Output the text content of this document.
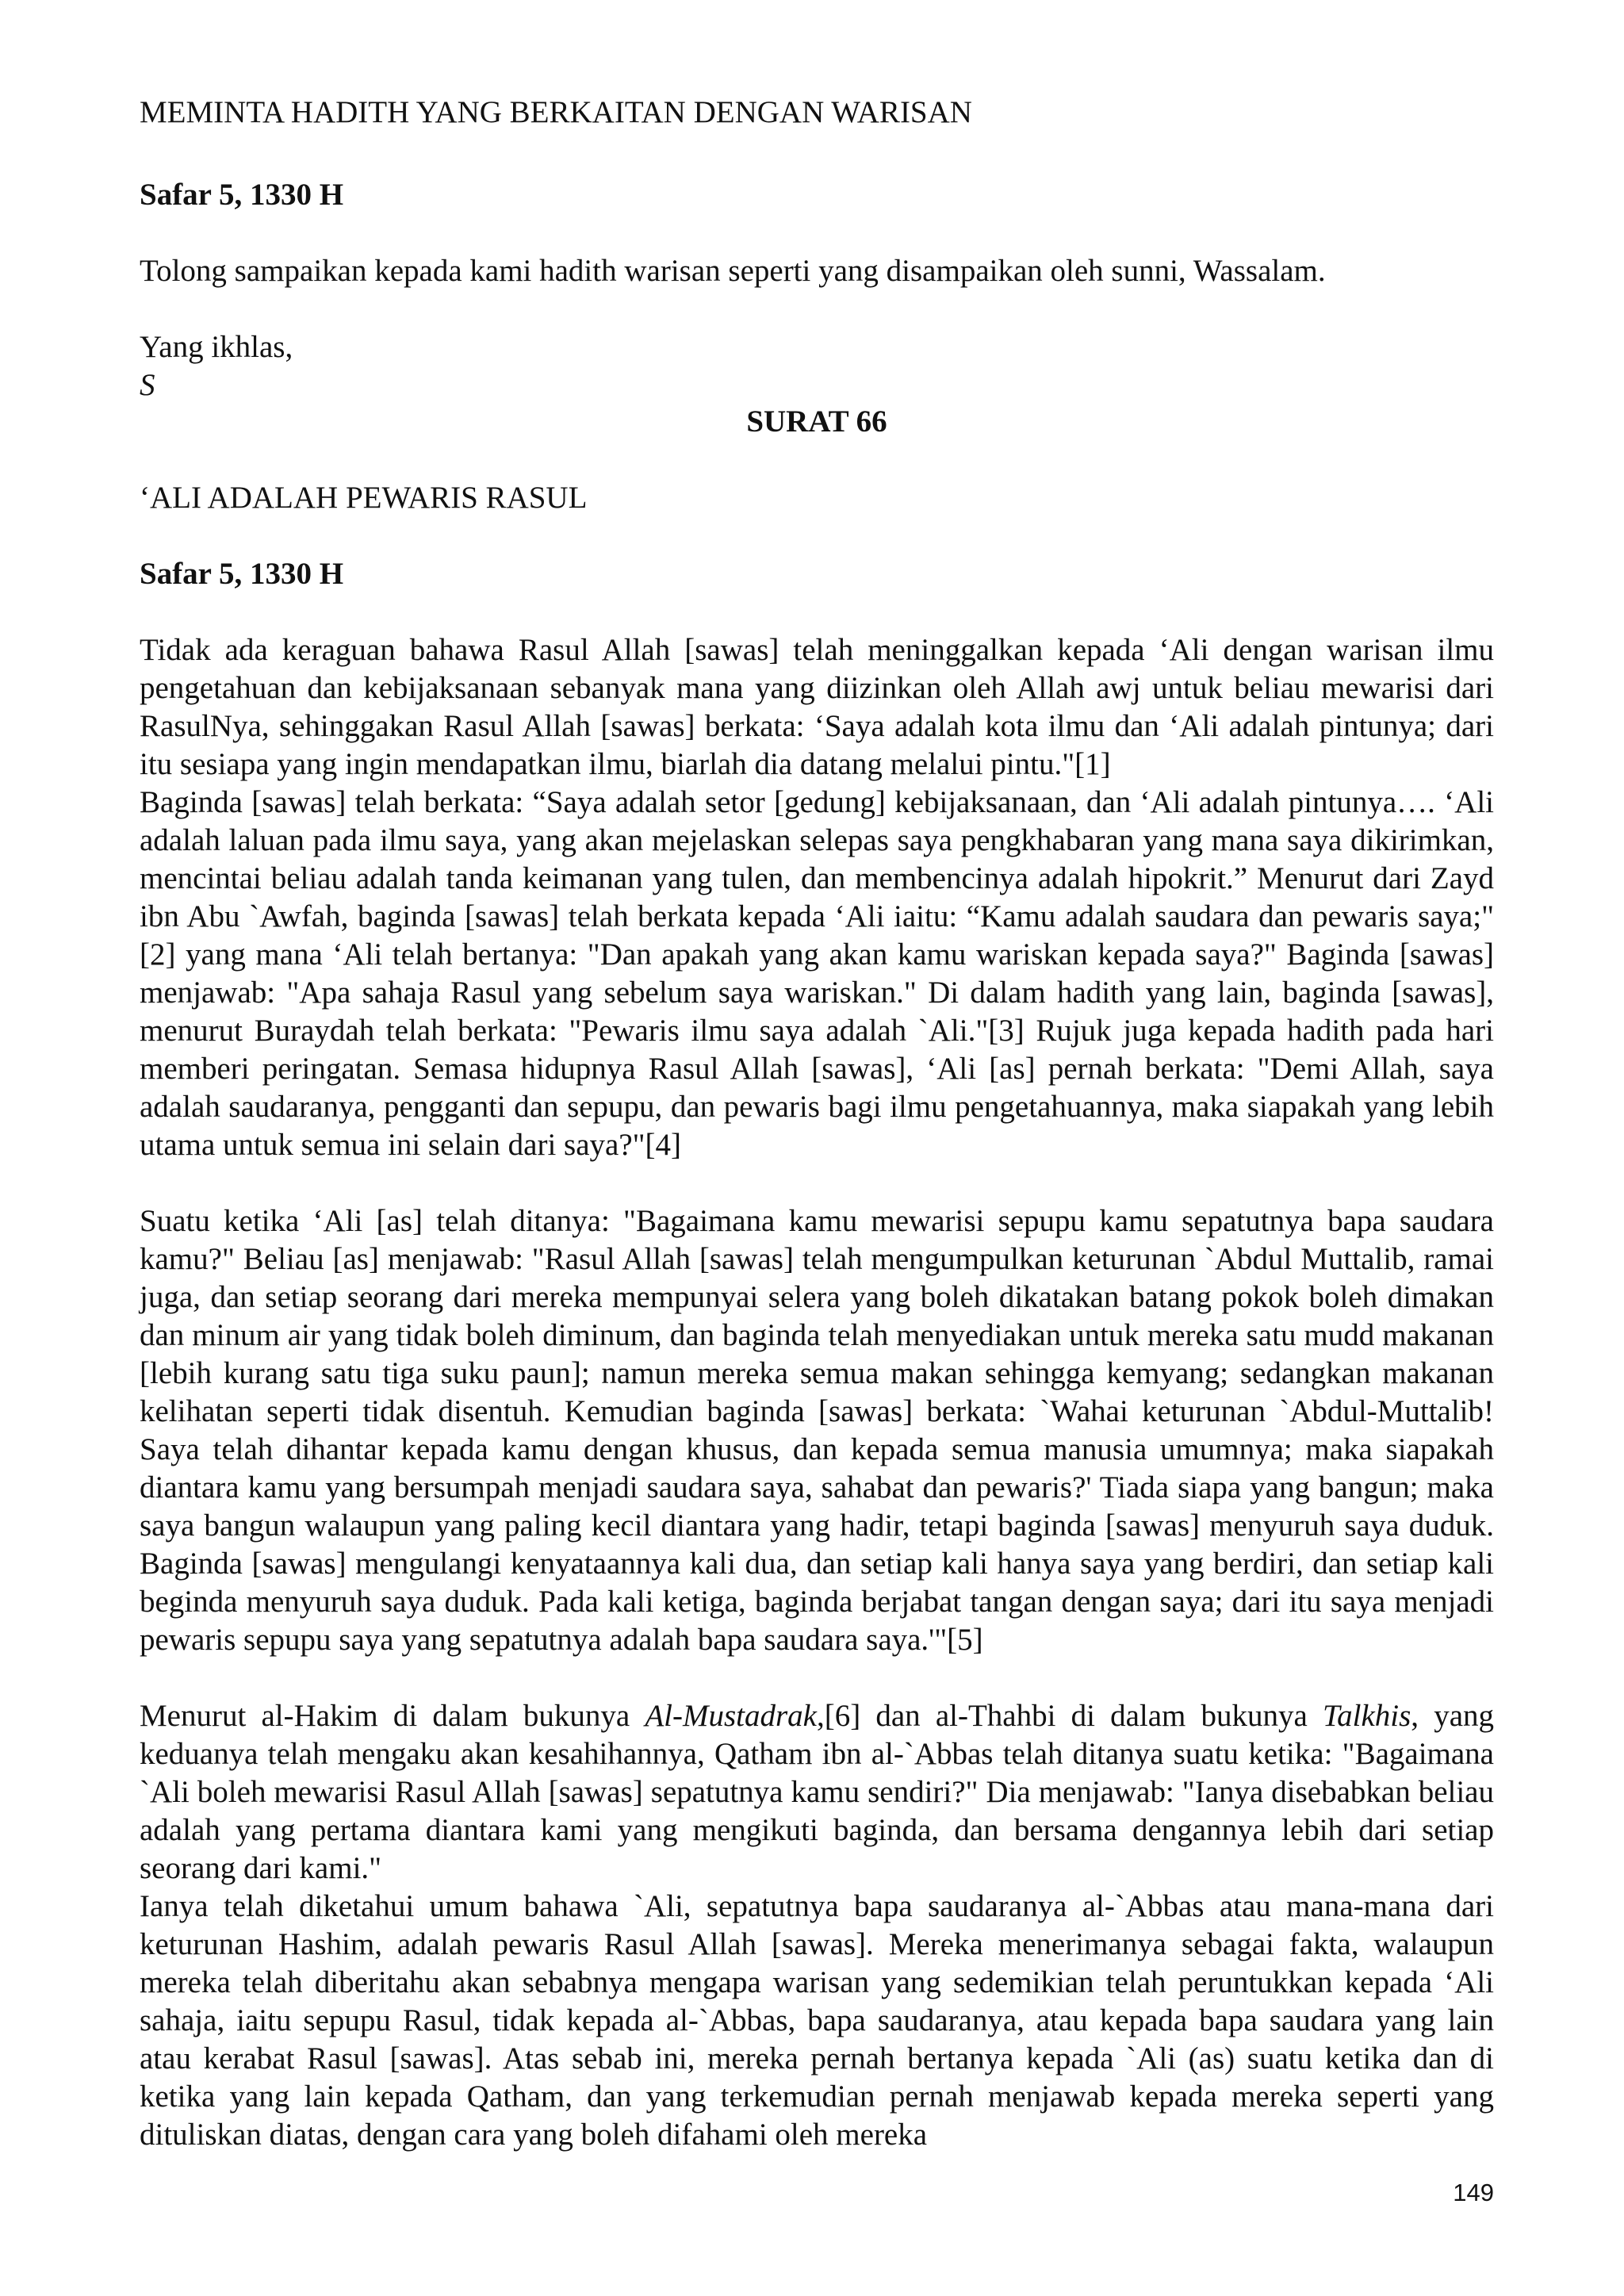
MEMINTA HADITH YANG BERKAITAN DENGAN WARISAN
Safar 5, 1330 H
Tolong sampaikan kepada kami hadith warisan seperti yang disampaikan oleh sunni, Wassalam.
Yang ikhlas,
S
SURAT 66
‘ALI ADALAH PEWARIS RASUL
Safar 5, 1330 H
Tidak ada keraguan bahawa Rasul Allah [sawas] telah meninggalkan kepada ‘Ali dengan warisan ilmu pengetahuan dan kebijaksanaan sebanyak mana yang diizinkan oleh Allah awj untuk beliau mewarisi dari RasulNya, sehinggakan Rasul Allah [sawas] berkata: ‘Saya adalah kota ilmu dan ‘Ali adalah pintunya; dari itu sesiapa yang ingin mendapatkan ilmu, biarlah dia datang melalui pintu."[1]
Baginda [sawas] telah berkata: “Saya adalah setor [gedung] kebijaksanaan, dan ‘Ali adalah pintunya…. ‘Ali adalah laluan pada ilmu saya, yang akan mejelaskan selepas saya pengkhabaran yang mana saya dikirimkan, mencintai beliau adalah tanda keimanan yang tulen, dan membencinya adalah hipokrit.” Menurut dari Zayd ibn Abu `Awfah, baginda [sawas] telah berkata kepada ‘Ali iaitu: “Kamu adalah saudara dan pewaris saya;"[2] yang mana ‘Ali telah bertanya: "Dan apakah yang akan kamu wariskan kepada saya?" Baginda [sawas] menjawab: "Apa sahaja Rasul yang sebelum saya wariskan." Di dalam hadith yang lain, baginda [sawas], menurut Buraydah telah berkata: "Pewaris ilmu saya adalah `Ali."[3] Rujuk juga kepada hadith pada hari memberi peringatan. Semasa hidupnya Rasul Allah [sawas], ‘Ali [as] pernah berkata: "Demi Allah, saya adalah saudaranya, pengganti dan sepupu, dan pewaris bagi ilmu pengetahuannya, maka siapakah yang lebih utama untuk semua ini selain dari saya?"[4]
Suatu ketika ‘Ali [as] telah ditanya: "Bagaimana kamu mewarisi sepupu kamu sepatutnya bapa saudara kamu?" Beliau [as] menjawab: "Rasul Allah [sawas] telah mengumpulkan keturunan `Abdul Muttalib, ramai juga, dan setiap seorang dari mereka mempunyai selera yang boleh dikatakan batang pokok boleh dimakan dan minum air yang tidak boleh diminum, dan baginda telah menyediakan untuk mereka satu mudd makanan [lebih kurang satu tiga suku paun]; namun mereka semua makan sehingga kemyang; sedangkan makanan kelihatan seperti tidak disentuh. Kemudian baginda [sawas] berkata: `Wahai keturunan `Abdul-Muttalib! Saya telah dihantar kepada kamu dengan khusus, dan kepada semua manusia umumnya; maka siapakah diantara kamu yang bersumpah menjadi saudara saya, sahabat dan pewaris?' Tiada siapa yang bangun; maka saya bangun walaupun yang paling kecil diantara yang hadir, tetapi baginda [sawas] menyuruh saya duduk. Baginda [sawas] mengulangi kenyataannya kali dua, dan setiap kali hanya saya yang berdiri, dan setiap kali beginda menyuruh saya duduk. Pada kali ketiga, baginda berjabat tangan dengan saya; dari itu saya menjadi pewaris sepupu saya yang sepatutnya adalah bapa saudara saya.'"[5]
Menurut al-Hakim di dalam bukunya Al-Mustadrak,[6] dan al-Thahbi di dalam bukunya Talkhis, yang keduanya telah mengaku akan kesahihannya, Qatham ibn al-`Abbas telah ditanya suatu ketika: "Bagaimana `Ali boleh mewarisi Rasul Allah [sawas] sepatutnya kamu sendiri?" Dia menjawab: "Ianya disebabkan beliau adalah yang pertama diantara kami yang mengikuti baginda, dan bersama dengannya lebih dari setiap seorang dari kami."
Ianya telah diketahui umum bahawa `Ali, sepatutnya bapa saudaranya al-`Abbas atau mana-mana dari keturunan Hashim, adalah pewaris Rasul Allah [sawas]. Mereka menerimanya sebagai fakta, walaupun mereka telah diberitahu akan sebabnya mengapa warisan yang sedemikian telah peruntukkan kepada ‘Ali sahaja, iaitu sepupu Rasul, tidak kepada al-`Abbas, bapa saudaranya, atau kepada bapa saudara yang lain atau kerabat Rasul [sawas]. Atas sebab ini, mereka pernah bertanya kepada `Ali (as) suatu ketika dan di ketika yang lain kepada Qatham, dan yang terkemudian pernah menjawab kepada mereka seperti yang dituliskan diatas, dengan cara yang boleh difahami oleh mereka
149
